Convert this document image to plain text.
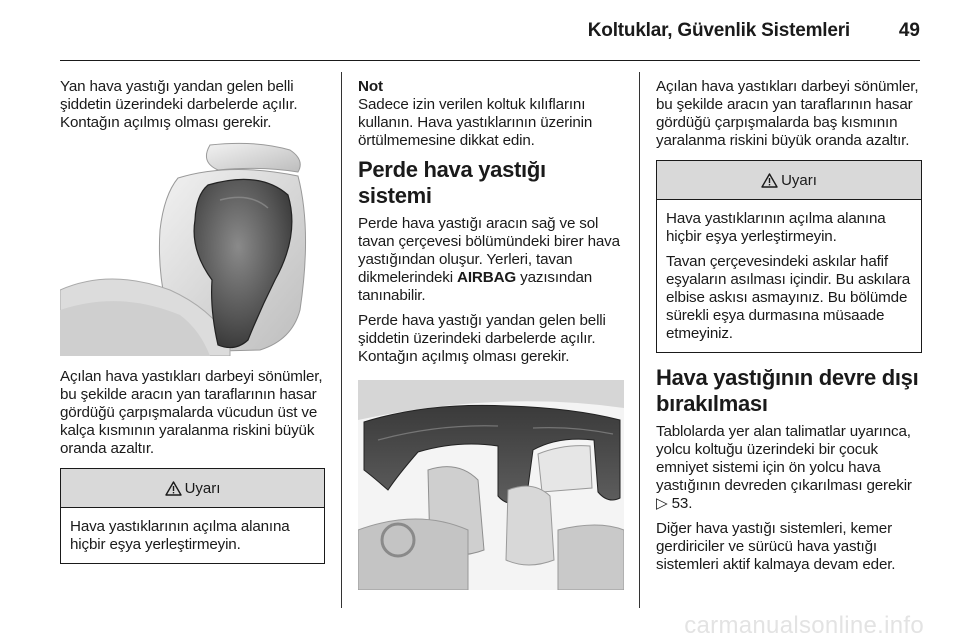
Koltuklar, Güvenlik Sistemleri	49

Yan hava yastığı yandan gelen belli şiddetin üzerindeki darbelerde açılır. Kontağın açılmış olması gerekir.

Açılan hava yastıkları darbeyi sönümler, bu şekilde aracın yan taraflarının hasar gördüğü çarpışmalarda vücudun üst ve kalça kısmının yaralanma riskini büyük oranda azaltır.

Uyarı

Hava yastıklarının açılma alanına hiçbir eşya yerleştirmeyin.

Not

Sadece izin verilen koltuk kılıflarını kullanın. Hava yastıklarının üzerinin örtülmemesine dikkat edin.

Perde hava yastığı sistemi

Perde hava yastığı aracın sağ ve sol tavan çerçevesi bölümündeki birer hava yastığından oluşur. Yerleri, tavan dikmelerindeki AIRBAG yazısından tanınabilir.

Perde hava yastığı yandan gelen belli şiddetin üzerindeki darbelerde açılır. Kontağın açılmış olması gerekir.

Açılan hava yastıkları darbeyi sönümler, bu şekilde aracın yan taraflarının hasar gördüğü çarpışmalarda baş kısmının yaralanma riskini büyük oranda azaltır.

Uyarı

Hava yastıklarının açılma alanına hiçbir eşya yerleştirmeyin.

Tavan çerçevesindeki askılar hafif eşyaların asılması içindir. Bu askılara elbise askısı asmayınız. Bu bölümde sürekli eşya durmasına müsaade etmeyiniz.

Hava yastığının devre dışı bırakılması

Tablolarda yer alan talimatlar uyarınca, yolcu koltuğu üzerindeki bir çocuk emniyet sistemi için ön yolcu hava yastığının devreden çıkarılması gerekir ▷ 53.

Diğer hava yastığı sistemleri, kemer gerdiriciler ve sürücü hava yastığı sistemleri aktif kalmaya devam eder.

carmanualsonline.info
